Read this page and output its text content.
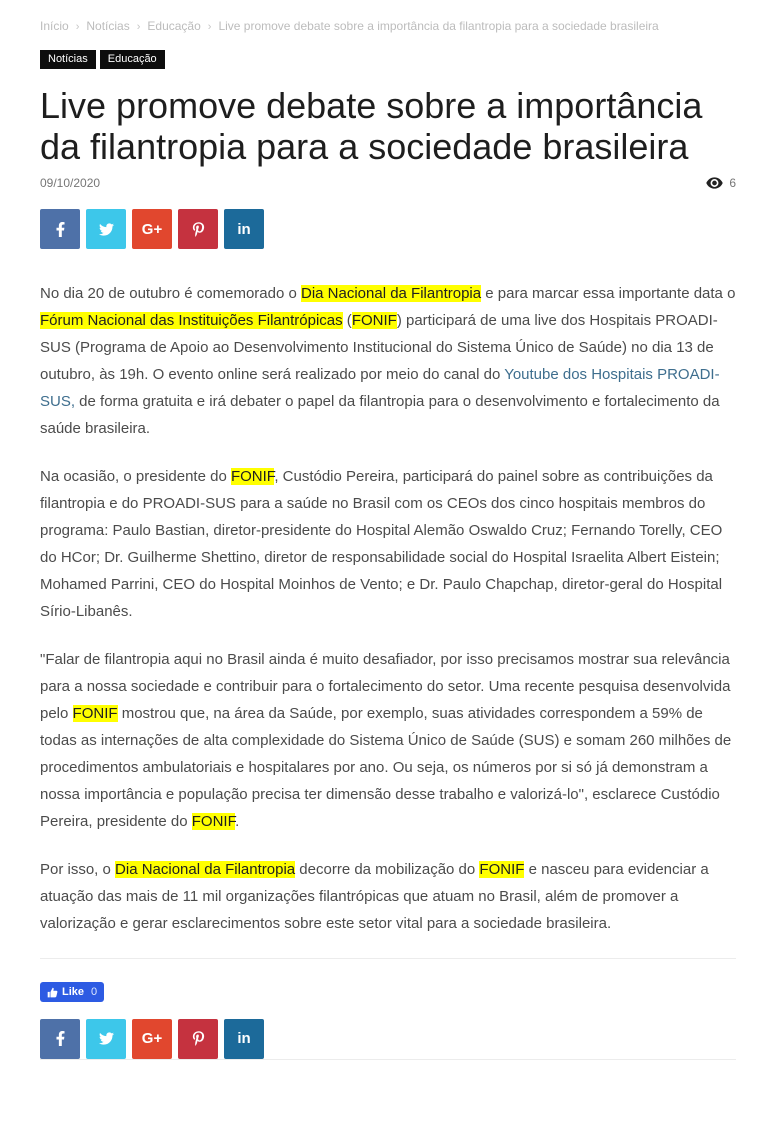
Início › Notícias › Educação › Live promove debate sobre a importância da filantropia para a sociedade brasileira
Notícias Educação
Live promove debate sobre a importância da filantropia para a sociedade brasileira
09/10/2020	6
G+	in

No dia 20 de outubro é comemorado o Dia Nacional da Filantropia e para marcar essa importante data o Fórum Nacional das Instituições Filantrópicas (FONIF) participará de uma live dos Hospitais PROADI-SUS (Programa de Apoio ao Desenvolvimento Institucional do Sistema Único de Saúde) no dia 13 de outubro, às 19h. O evento online será realizado por meio do canal do Youtube dos Hospitais PROADI-SUS, de forma gratuita e irá debater o papel da filantropia para o desenvolvimento e fortalecimento da saúde brasileira.

Na ocasião, o presidente do FONIF, Custódio Pereira, participará do painel sobre as contribuições da filantropia e do PROADI-SUS para a saúde no Brasil com os CEOs dos cinco hospitais membros do programa: Paulo Bastian, diretor-presidente do Hospital Alemão Oswaldo Cruz; Fernando Torelly, CEO do HCor; Dr. Guilherme Shettino, diretor de responsabilidade social do Hospital Israelita Albert Eistein; Mohamed Parrini, CEO do Hospital Moinhos de Vento; e Dr. Paulo Chapchap, diretor-geral do Hospital Sírio-Libanês.

"Falar de filantropia aqui no Brasil ainda é muito desafiador, por isso precisamos mostrar sua relevância para a nossa sociedade e contribuir para o fortalecimento do setor. Uma recente pesquisa desenvolvida pelo FONIF mostrou que, na área da Saúde, por exemplo, suas atividades correspondem a 59% de todas as internações de alta complexidade do Sistema Único de Saúde (SUS) e somam 260 milhões de procedimentos ambulatoriais e hospitalares por ano. Ou seja, os números por si só já demonstram a nossa importância e população precisa ter dimensão desse trabalho e valorizá-lo", esclarece Custódio Pereira, presidente do FONIF.

Por isso, o Dia Nacional da Filantropia decorre da mobilização do FONIF e nasceu para evidenciar a atuação das mais de 11 mil organizações filantrópicas que atuam no Brasil, além de promover a valorização e gerar esclarecimentos sobre este setor vital para a sociedade brasileira.

Like 0
G+	in
